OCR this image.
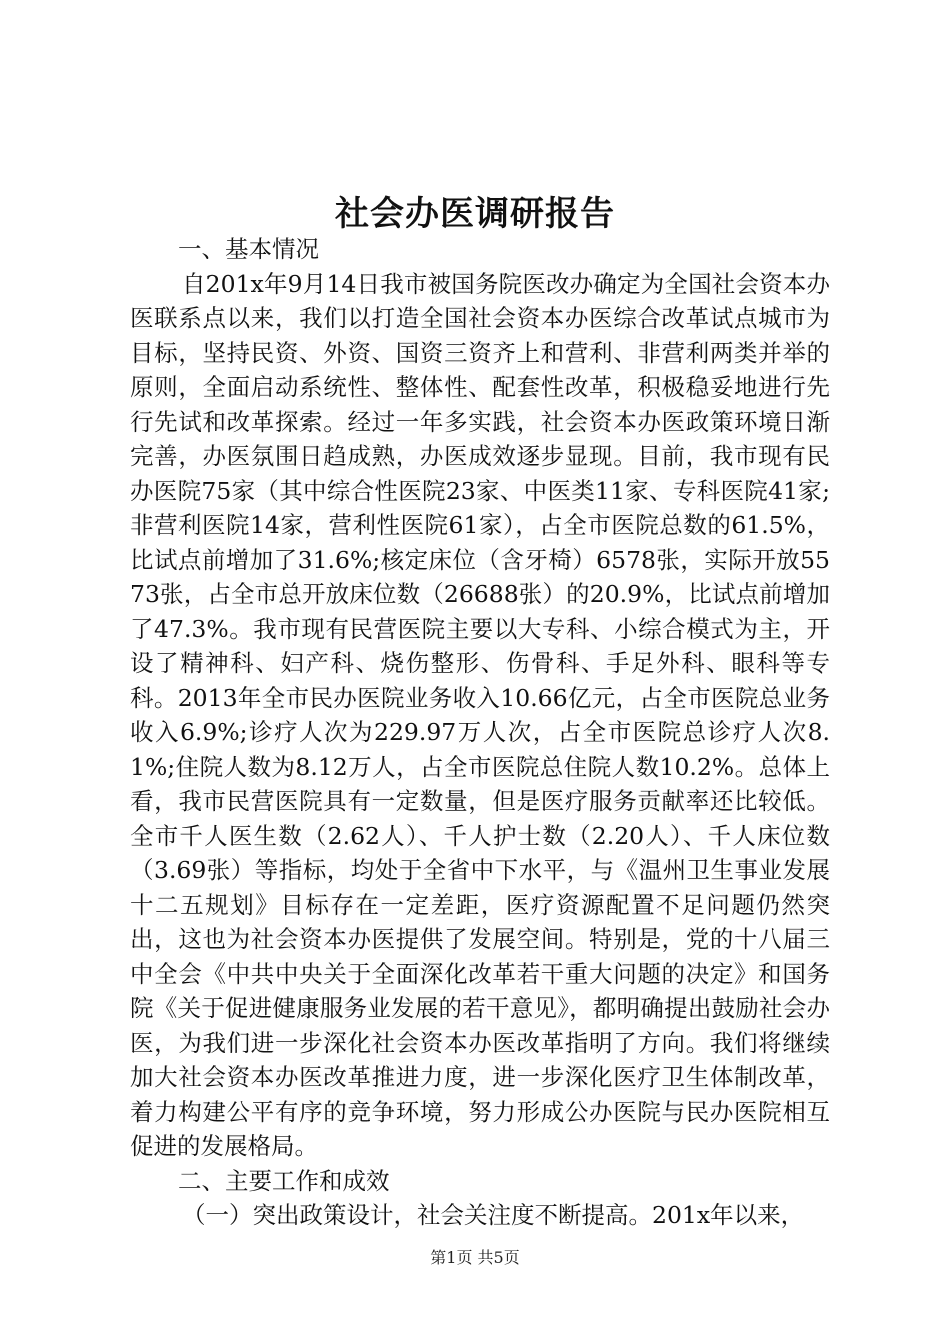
社会办医调研报告

一、基本情况

自201x年9月14日我市被国务院医改办确定为全国社会资本办医联系点以来，我们以打造全国社会资本办医综合改革试点城市为目标，坚持民资、外资、国资三资齐上和营利、非营利两类并举的原则，全面启动系统性、整体性、配套性改革，积极稳妥地进行先行先试和改革探索。经过一年多实践，社会资本办医政策环境日渐完善，办医氛围日趋成熟，办医成效逐步显现。目前，我市现有民办医院75家（其中综合性医院23家、中医类11家、专科医院41家;非营利医院14家，营利性医院61家），占全市医院总数的61.5%，比试点前增加了31.6%;核定床位（含牙椅）6578张，实际开放5573张，占全市总开放床位数（26688张）的20.9%，比试点前增加了47.3%。我市现有民营医院主要以大专科、小综合模式为主，开设了精神科、妇产科、烧伤整形、伤骨科、手足外科、眼科等专科。2013年全市民办医院业务收入10.66亿元，占全市医院总业务收入6.9%;诊疗人次为229.97万人次，占全市医院总诊疗人次8.1%;住院人数为8.12万人，占全市医院总住院人数10.2%。总体上看，我市民营医院具有一定数量，但是医疗服务贡献率还比较低。全市千人医生数（2.62人）、千人护士数（2.20人）、千人床位数（3.69张）等指标，均处于全省中下水平，与《温州卫生事业发展十二五规划》目标存在一定差距，医疗资源配置不足问题仍然突出，这也为社会资本办医提供了发展空间。特别是，党的十八届三中全会《中共中央关于全面深化改革若干重大问题的决定》和国务院《关于促进健康服务业发展的若干意见》，都明确提出鼓励社会办医，为我们进一步深化社会资本办医改革指明了方向。我们将继续加大社会资本办医改革推进力度，进一步深化医疗卫生体制改革，着力构建公平有序的竞争环境，努力形成公办医院与民办医院相互促进的发展格局。

二、主要工作和成效

（一）突出政策设计，社会关注度不断提高。201x年以来，

第1页 共5页
